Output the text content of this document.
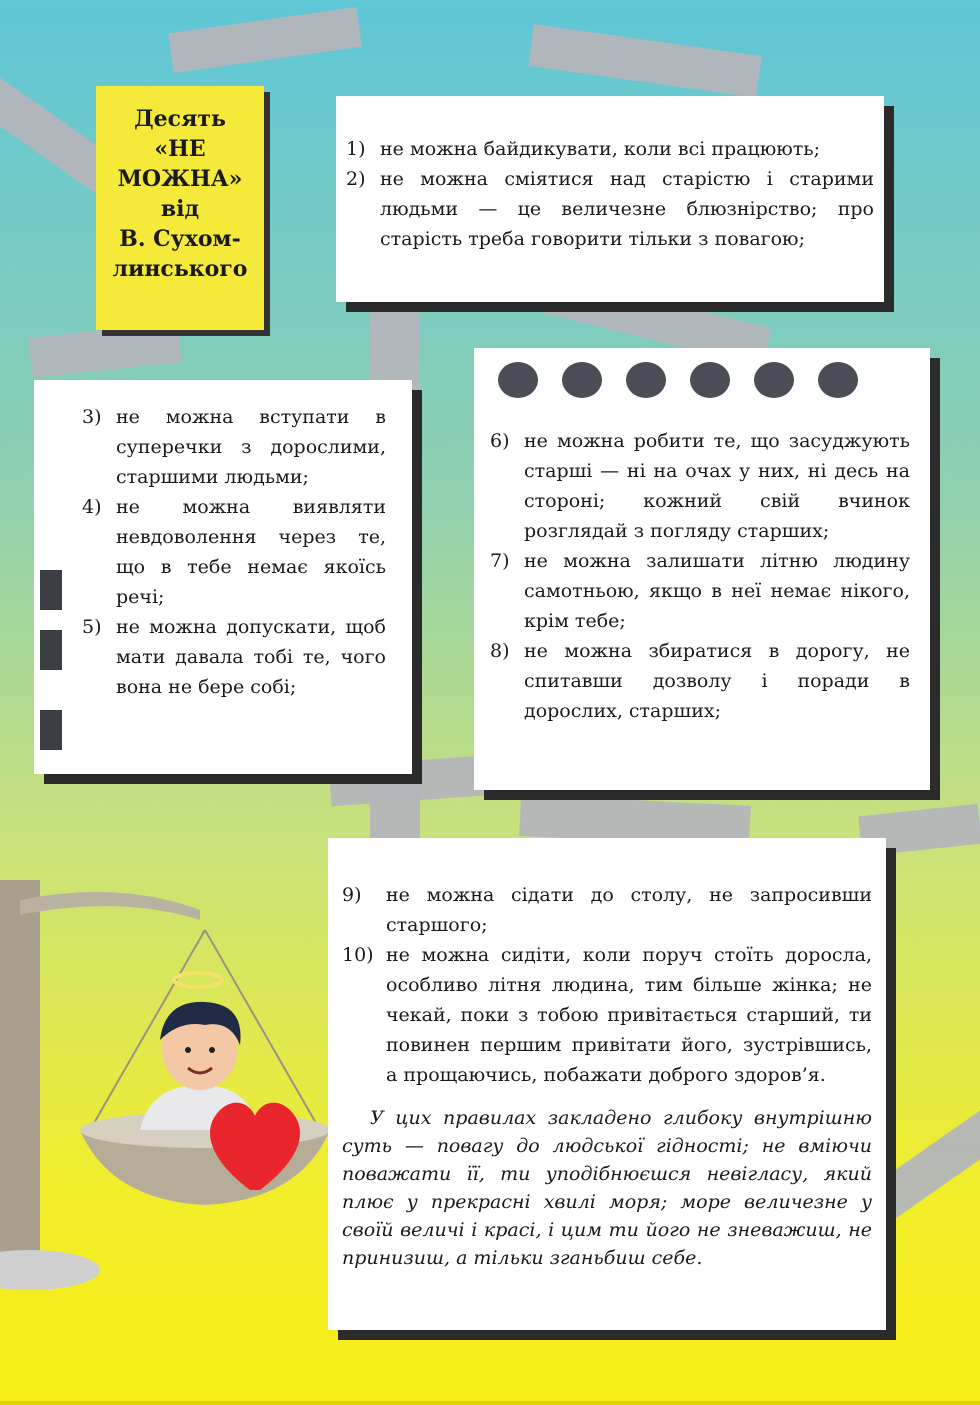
Десять
«НЕ
МОЖНА»
від
В. Сухом-
линського
1) не можна байдикувати, коли всі працюють;
2) не можна сміятися над старістю і старими людьми — це величезне блюзнірство; про старість треба говорити тільки з повагою;
3) не можна вступати в суперечки з дорослими, старшими людьми;
4) не можна виявляти невдоволення через те, що в тебе немає якоїсь речі;
5) не можна допускати, щоб мати давала тобі те, чого вона не бере собі;
6) не можна робити те, що засуджують старші — ні на очах у них, ні десь на стороні; кожний свій вчинок розглядай з погляду старших;
7) не можна залишати літню людину самотньою, якщо в неї немає нікого, крім тебе;
8) не можна збиратися в дорогу, не спитавши дозволу і поради в дорослих, старших;
9)	не можна сідати до столу, не запросивши старшого;
10) не можна сидіти, коли поруч стоїть доросла, особливо літня людина, тим більше жінка; не чекай, поки з тобою привітається старший, ти повинен першим привітати його, зустрівшись, а прощаючись, побажати доброго здоров’я.

У цих правилах закладено глибоку внутрішню суть — повагу до людської гідності; не вміючи поважати її, ти уподібнюєшся невігласу, який плює у прекрасні хвилі моря; море величезне у своїй величі і красі, і цим ти його не зневажиш, не принизиш, а тільки зганьбиш себе.
